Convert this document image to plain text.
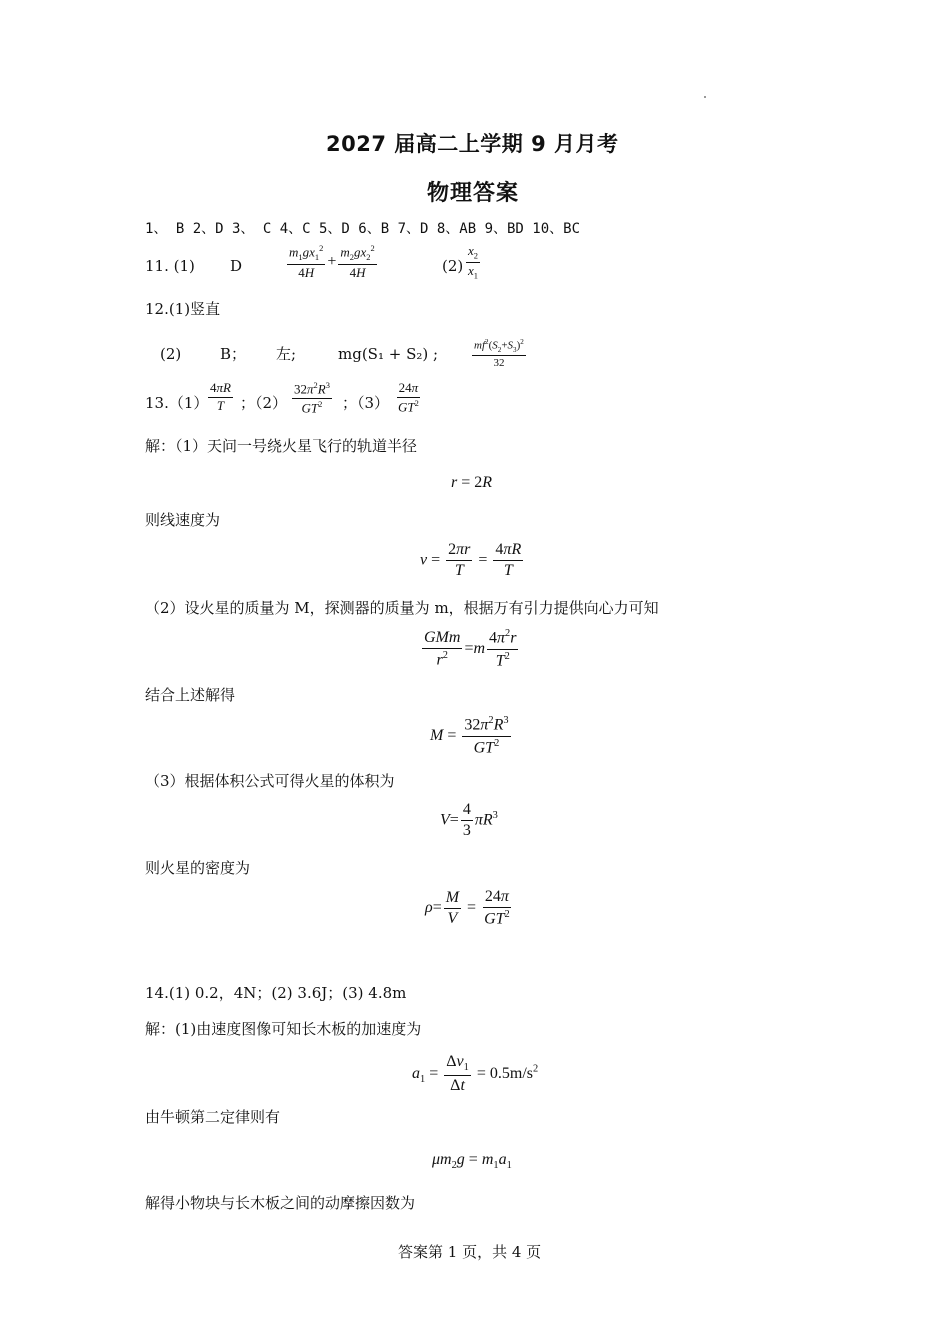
2027 届高二上学期 9 月月考
物理答案
1、 B 2、D 3、 C 4、C 5、D 6、B 7、D 8、AB 9、BD 10、BC
11. (1) D	$\frac{m_1gx_1^2}{4H} + \frac{m_2gx_2^2}{4H}$	$(2) \frac{x_2}{x_1}$
12.(1)竖直
(2)	B； 左;	mg(S₁ + S₂) ;	$\frac{mf^2(S_2+S_3)^2}{32}$
$13.(1) \frac{4\pi R}{T}$ ；$(2) \frac{32\pi^2R^3}{GT^2}$ ；$(3) \frac{24\pi}{GT^2}$
解：（1）天问一号绕火星飞行的轨道半径
r = 2R
则线速度为
$v = \frac{2\pi r}{T} = \frac{4\pi R}{T}$
（2）设火星的质量为 M，探测器的质量为 m，根据万有引力提供向心力可知
$\frac{\text{GMm}}{r^2} =m \frac{4\pi^2r}{T^2}$
结合上述解得
$M = \frac{32\pi^2R^3}{GT^2}$
（3）根据体积公式可得火星的体积为
$V= \frac{4}{3} \pi R^3$
则火星的密度为
$\rho= \frac{M}{V} = \frac{24\pi}{GT^2}$
14.(1) 0.2，4N；(2) 3.6J；(3) 4.8m
解：(1)由速度图像可知长木板的加速度为
$a_1 = \frac{\Delta v_1}{\Delta t} = 0.5m/s^2$
由牛顿第二定律则有
$\mu m_2g = m_1a_1$
解得小物块与长木板之间的动摩擦因数为
答案第 1 页，共 4 页
